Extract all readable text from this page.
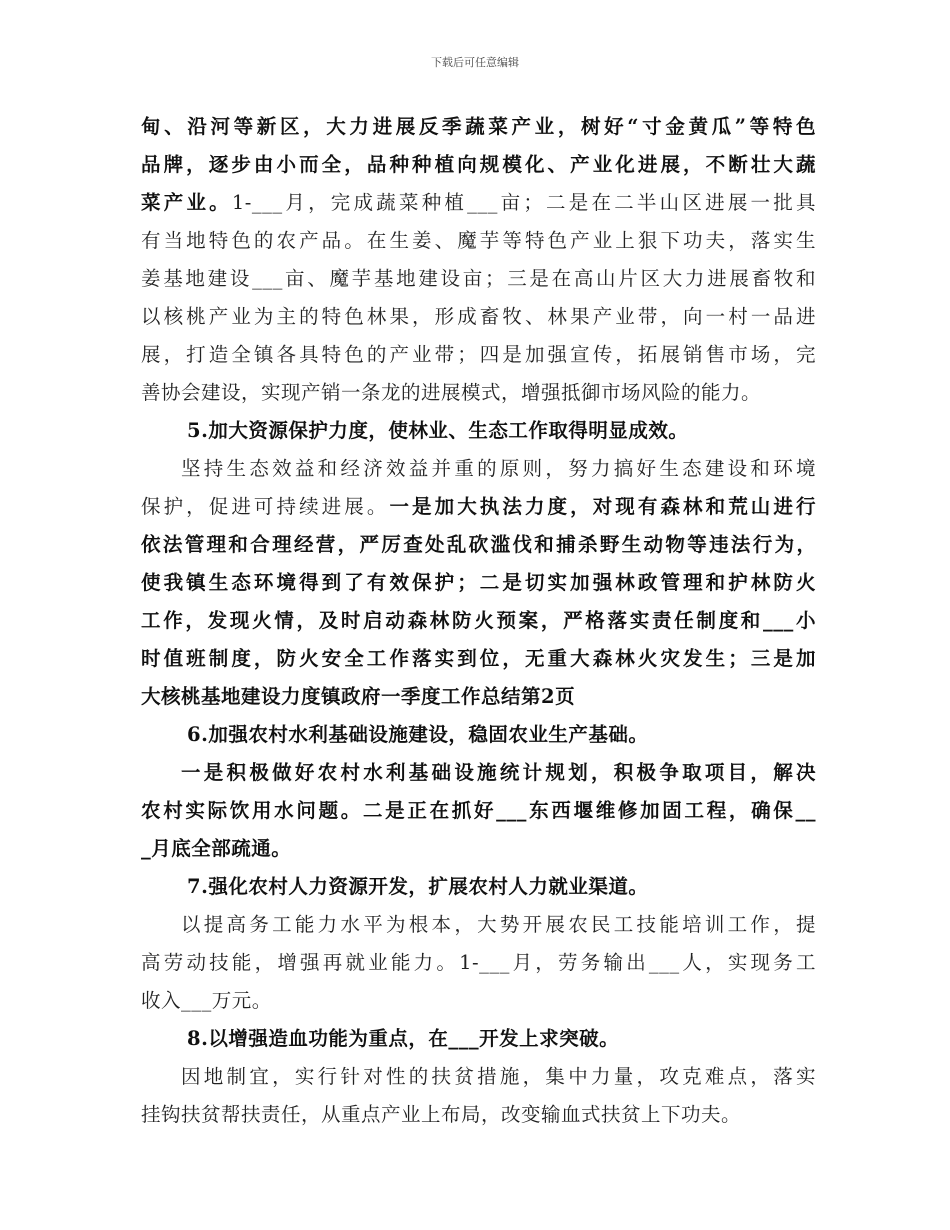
下载后可任意编辑
甸、沿河等新区，大力进展反季蔬菜产业，树好“寸金黄瓜”等特色
品牌，逐步由小而全，品种种植向规模化、产业化进展，不断壮大蔬
菜产业。1-___月，完成蔬菜种植___亩；二是在二半山区进展一批具
有当地特色的农产品。在生姜、魔芋等特色产业上狠下功夫，落实生
姜基地建设___亩、魔芋基地建设亩；三是在高山片区大力进展畜牧和
以核桃产业为主的特色林果，形成畜牧、林果产业带，向一村一品进
展，打造全镇各具特色的产业带；四是加强宣传，拓展销售市场，完
善协会建设，实现产销一条龙的进展模式，增强抵御市场风险的能力。
5.加大资源保护力度，使林业、生态工作取得明显成效。
坚持生态效益和经济效益并重的原则，努力搞好生态建设和环境
保护，促进可持续进展。一是加大执法力度，对现有森林和荒山进行
依法管理和合理经营，严厉查处乱砍滥伐和捕杀野生动物等违法行为，
使我镇生态环境得到了有效保护；二是切实加强林政管理和护林防火
工作，发现火情，及时启动森林防火预案，严格落实责任制度和___小
时值班制度，防火安全工作落实到位，无重大森林火灾发生；三是加
大核桃基地建设力度镇政府一季度工作总结第2页
6.加强农村水利基础设施建设，稳固农业生产基础。
一是积极做好农村水利基础设施统计规划，积极争取项目，解决
农村实际饮用水问题。二是正在抓好___东西堰维修加固工程，确保__
_月底全部疏通。
7.强化农村人力资源开发，扩展农村人力就业渠道。
以提高务工能力水平为根本，大势开展农民工技能培训工作，提
高劳动技能，增强再就业能力。1-___月，劳务输出___人，实现务工
收入___万元。
8.以增强造血功能为重点，在___开发上求突破。
因地制宜，实行针对性的扶贫措施，集中力量，攻克难点，落实
挂钩扶贫帮扶责任，从重点产业上布局，改变输血式扶贫上下功夫。
